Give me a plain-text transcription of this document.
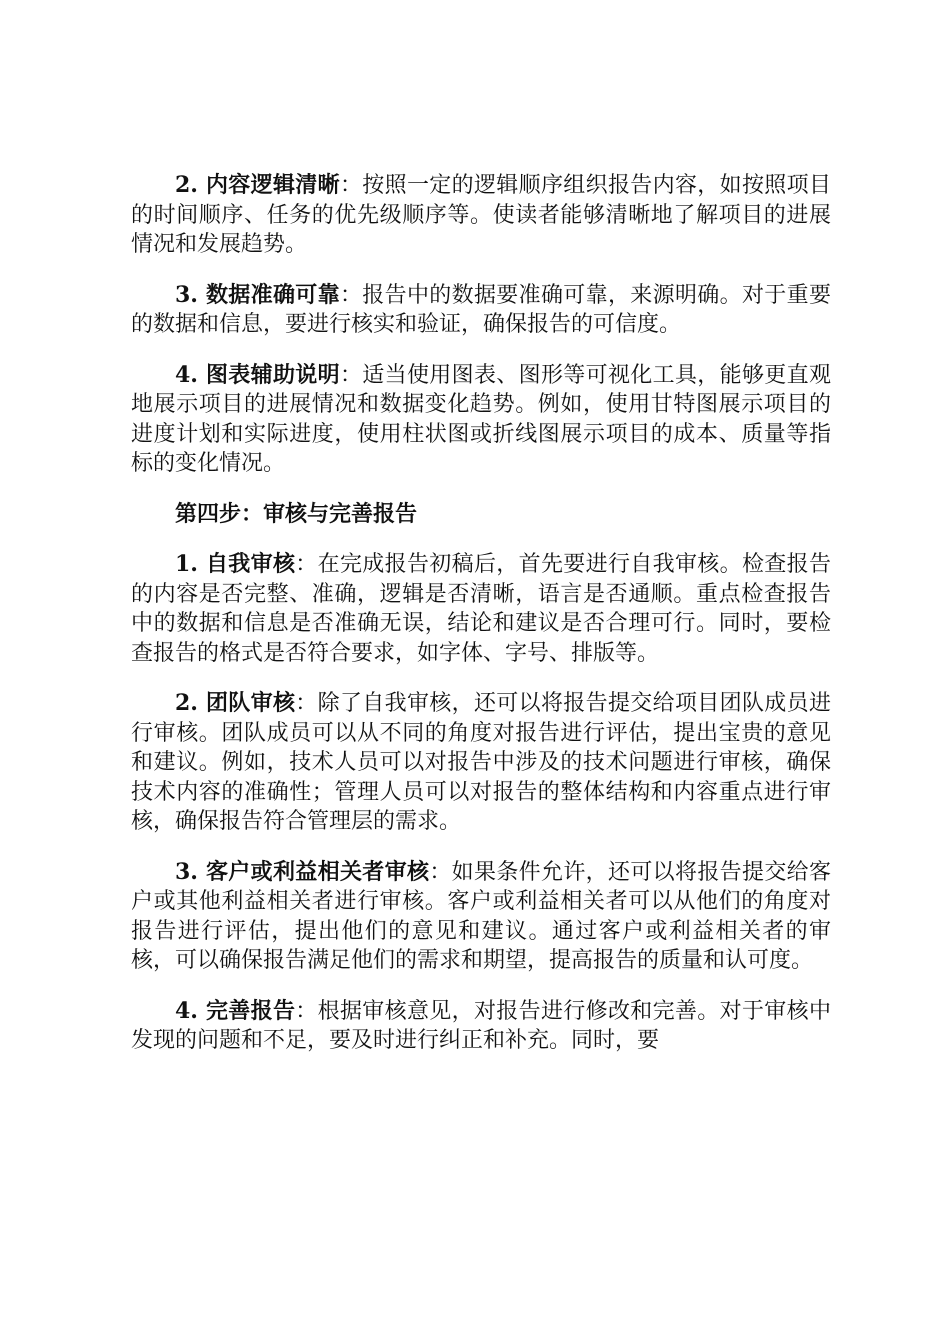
2. 内容逻辑清晰：按照一定的逻辑顺序组织报告内容，如按照项目的时间顺序、任务的优先级顺序等。使读者能够清晰地了解项目的进展情况和发展趋势。

3. 数据准确可靠：报告中的数据要准确可靠，来源明确。对于重要的数据和信息，要进行核实和验证，确保报告的可信度。

4. 图表辅助说明：适当使用图表、图形等可视化工具，能够更直观地展示项目的进展情况和数据变化趋势。例如，使用甘特图展示项目的进度计划和实际进度，使用柱状图或折线图展示项目的成本、质量等指标的变化情况。

第四步：审核与完善报告

1. 自我审核：在完成报告初稿后，首先要进行自我审核。检查报告的内容是否完整、准确，逻辑是否清晰，语言是否通顺。重点检查报告中的数据和信息是否准确无误，结论和建议是否合理可行。同时，要检查报告的格式是否符合要求，如字体、字号、排版等。

2. 团队审核：除了自我审核，还可以将报告提交给项目团队成员进行审核。团队成员可以从不同的角度对报告进行评估，提出宝贵的意见和建议。例如，技术人员可以对报告中涉及的技术问题进行审核，确保技术内容的准确性；管理人员可以对报告的整体结构和内容重点进行审核，确保报告符合管理层的需求。

3. 客户或利益相关者审核：如果条件允许，还可以将报告提交给客户或其他利益相关者进行审核。客户或利益相关者可以从他们的角度对报告进行评估，提出他们的意见和建议。通过客户或利益相关者的审核，可以确保报告满足他们的需求和期望，提高报告的质量和认可度。

4. 完善报告：根据审核意见，对报告进行修改和完善。对于审核中发现的问题和不足，要及时进行纠正和补充。同时，要
